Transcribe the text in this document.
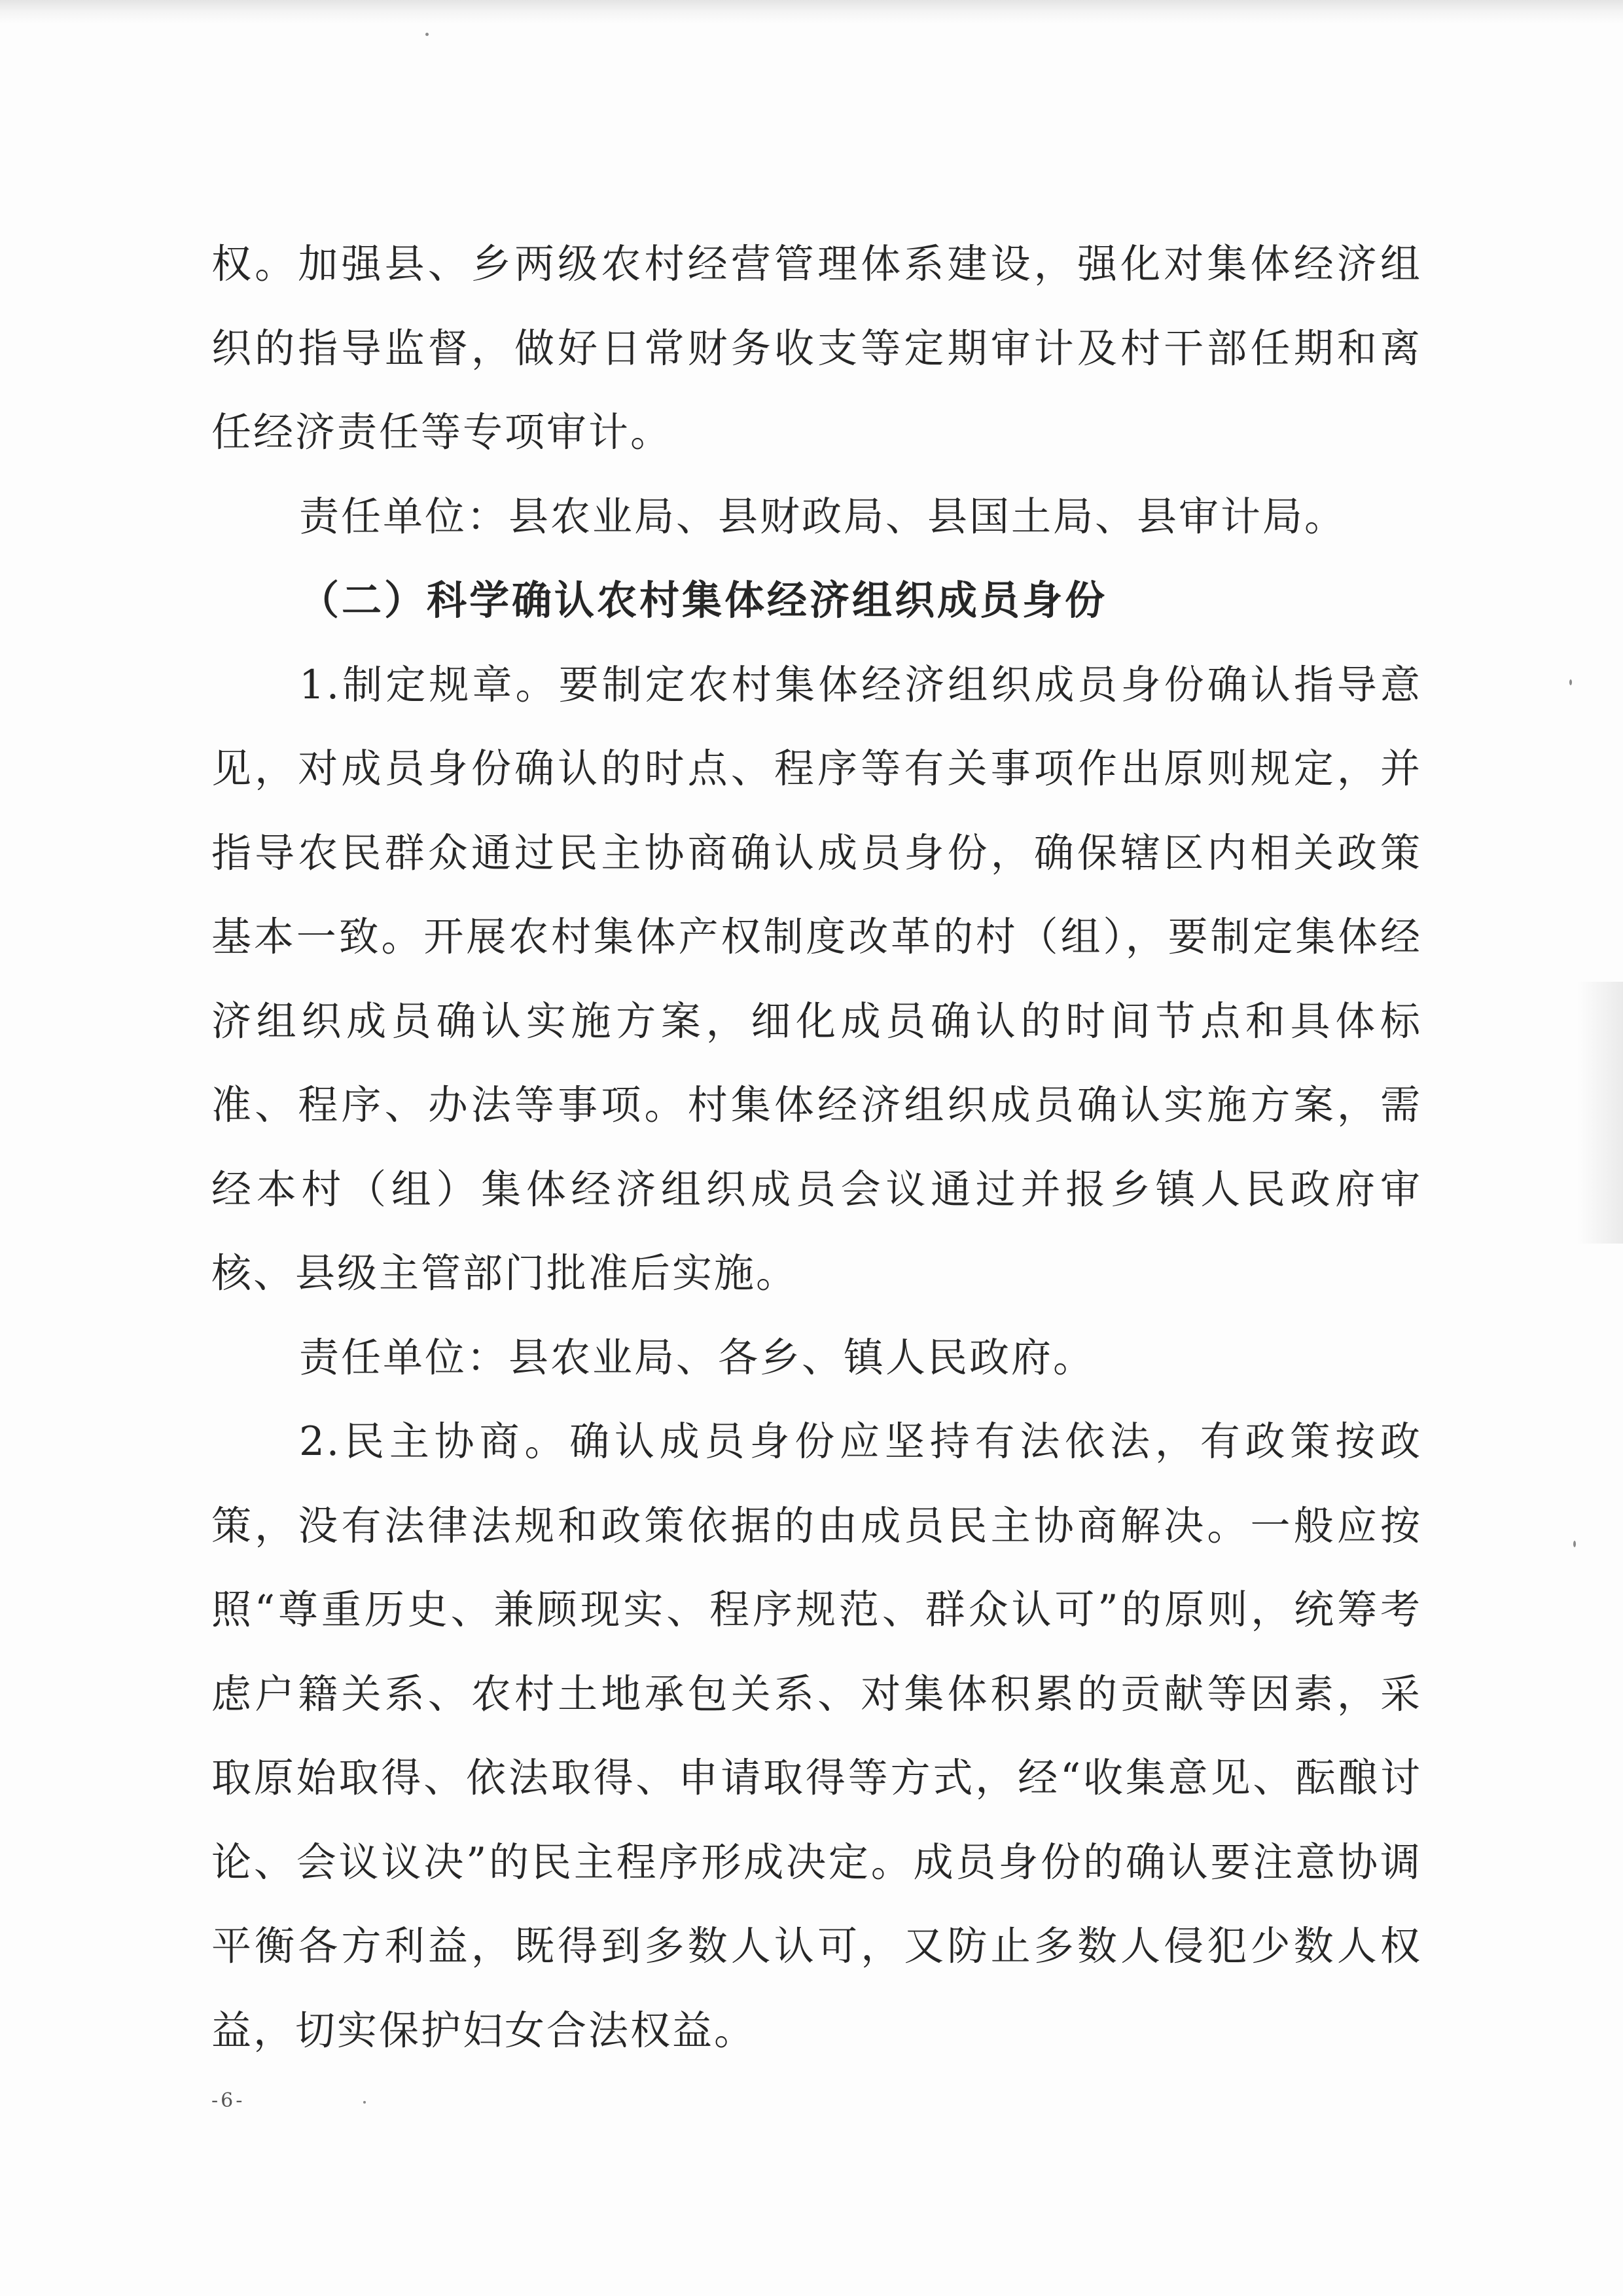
权。加强县、乡两级农村经营管理体系建设，强化对集体经济组织的指导监督，做好日常财务收支等定期审计及村干部任期和离任经济责任等专项审计。

责任单位：县农业局、县财政局、县国土局、县审计局。

（二）科学确认农村集体经济组织成员身份

1.制定规章。要制定农村集体经济组织成员身份确认指导意见，对成员身份确认的时点、程序等有关事项作出原则规定，并指导农民群众通过民主协商确认成员身份，确保辖区内相关政策基本一致。开展农村集体产权制度改革的村（组），要制定集体经济组织成员确认实施方案，细化成员确认的时间节点和具体标准、程序、办法等事项。村集体经济组织成员确认实施方案，需经本村（组）集体经济组织成员会议通过并报乡镇人民政府审核、县级主管部门批准后实施。

责任单位：县农业局、各乡、镇人民政府。

2.民主协商。确认成员身份应坚持有法依法，有政策按政策，没有法律法规和政策依据的由成员民主协商解决。一般应按照“尊重历史、兼顾现实、程序规范、群众认可”的原则，统筹考虑户籍关系、农村土地承包关系、对集体积累的贡献等因素，采取原始取得、依法取得、申请取得等方式，经“收集意见、酝酿讨论、会议议决”的民主程序形成决定。成员身份的确认要注意协调平衡各方利益，既得到多数人认可，又防止多数人侵犯少数人权益，切实保护妇女合法权益。

-6-
